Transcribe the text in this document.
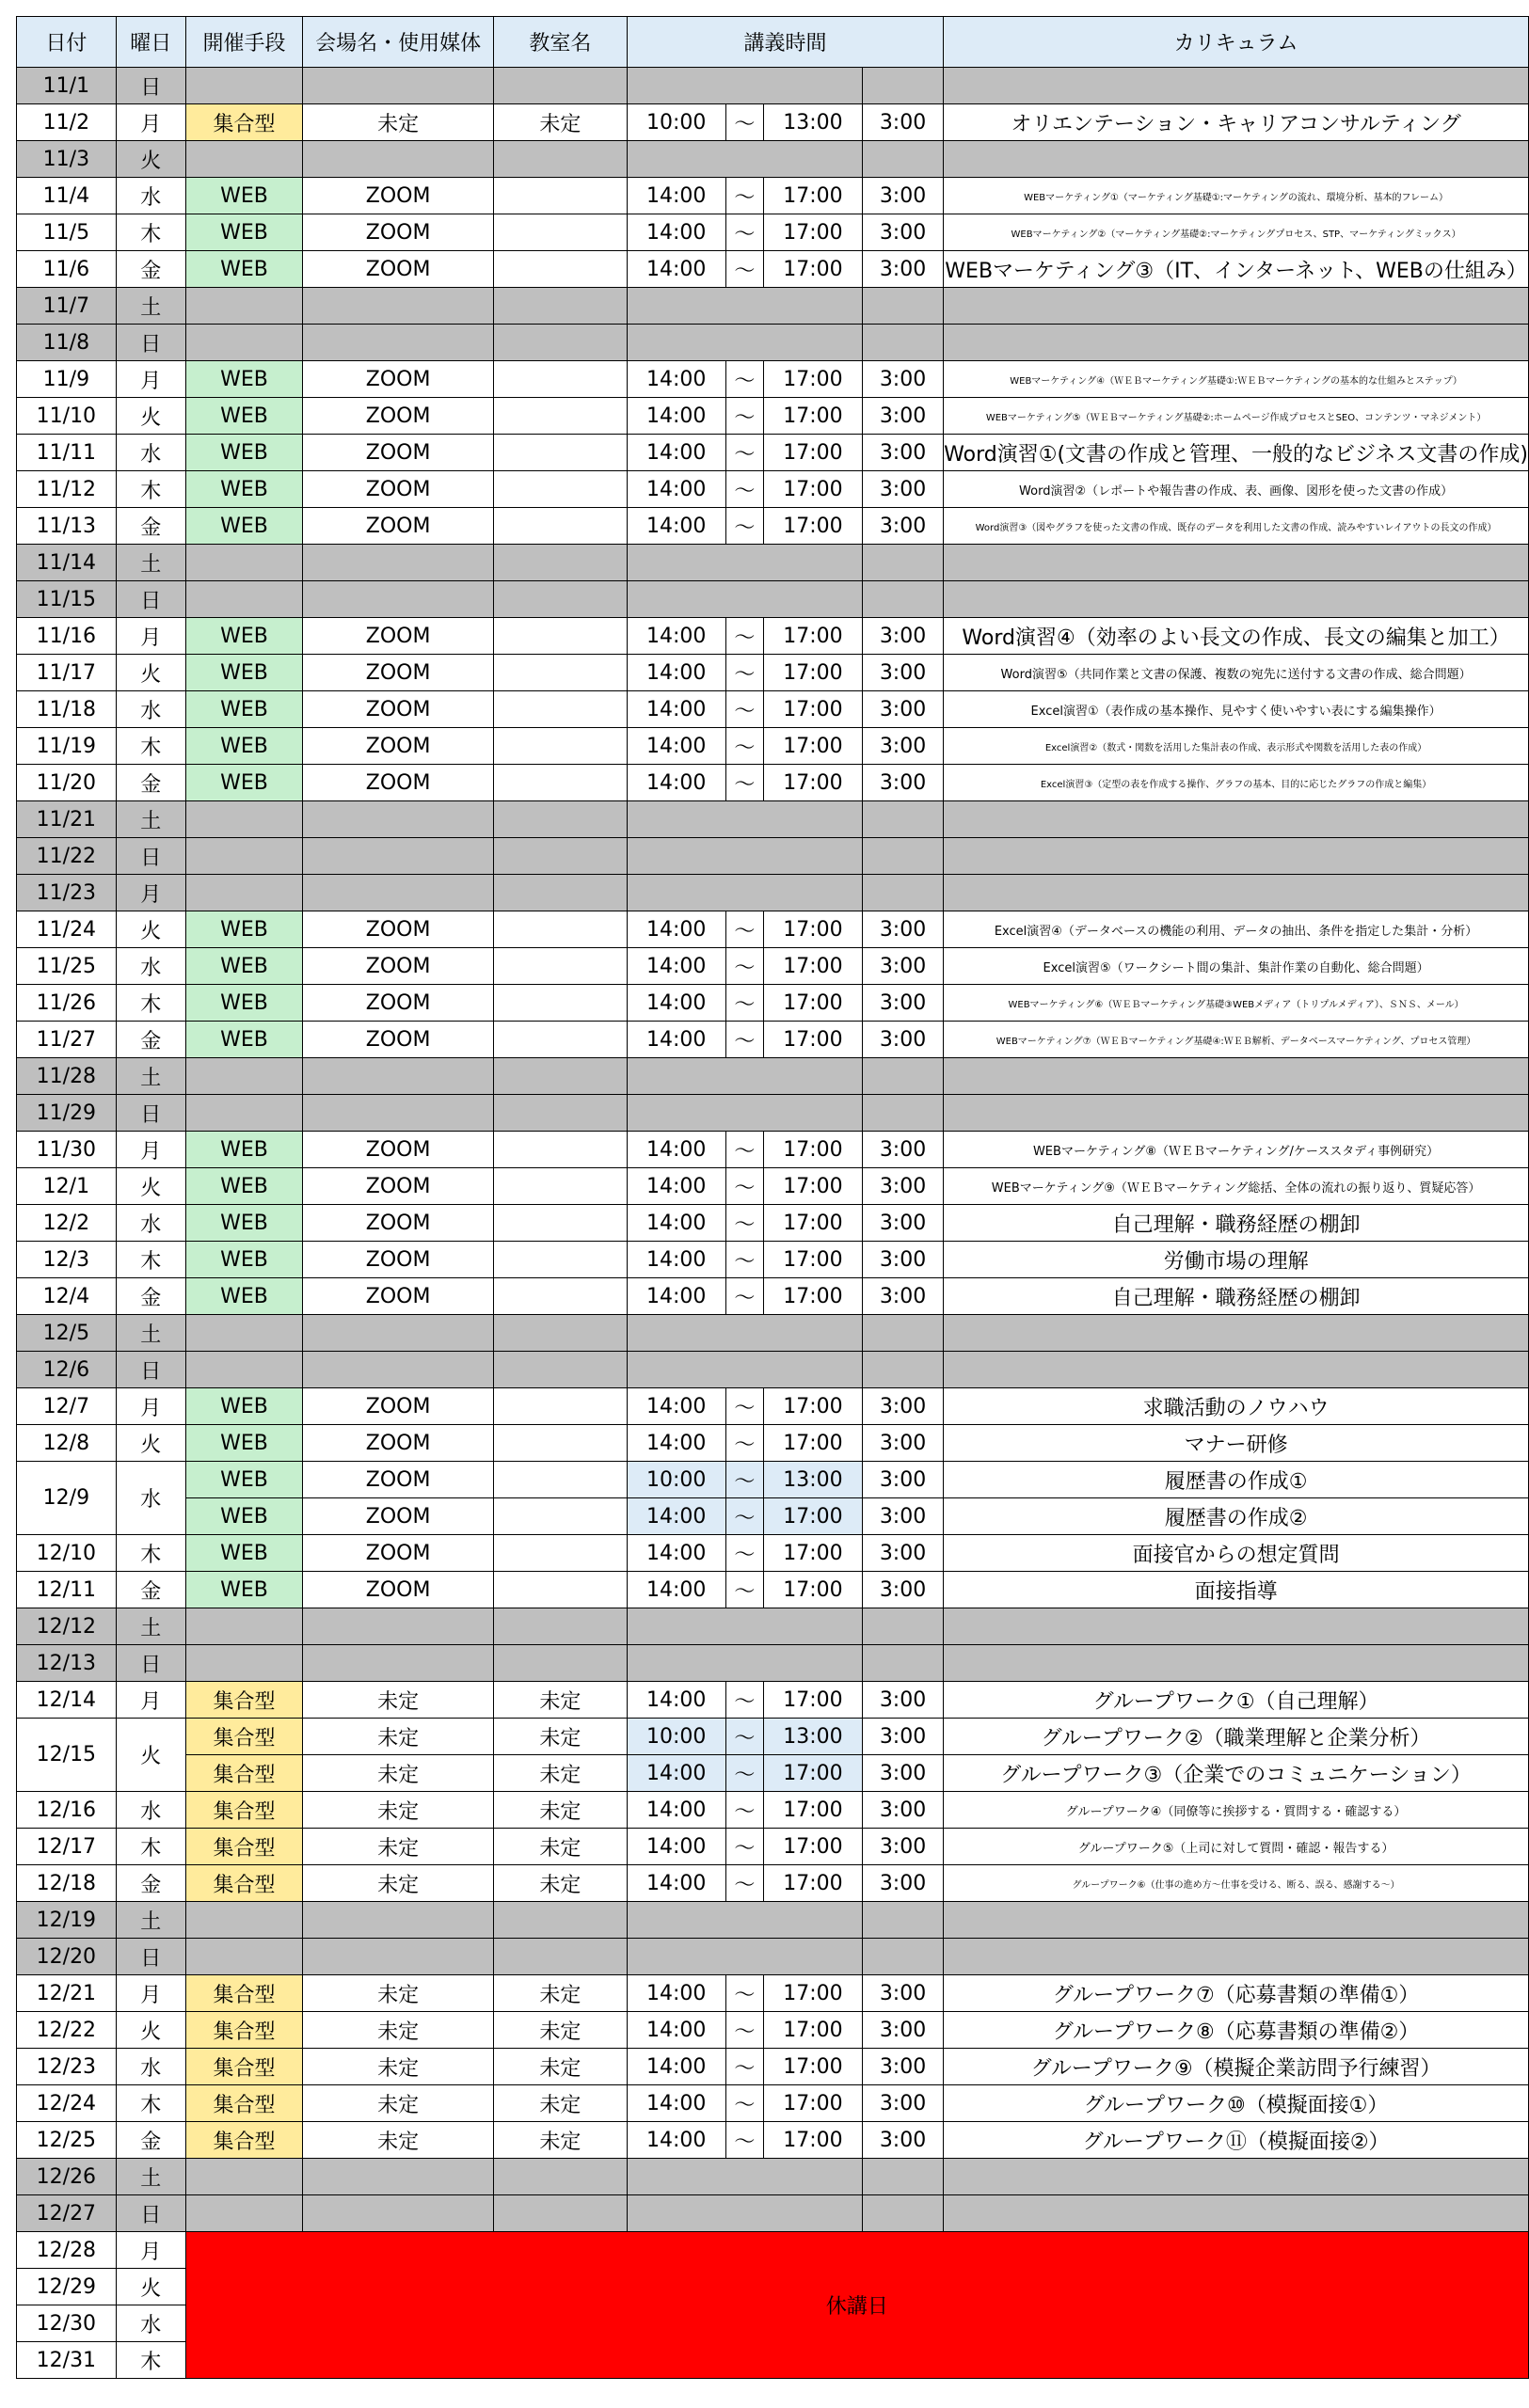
日付	曜日	開催手段	会場名・使用媒体	教室名	講義時間				カリキュラム
11/1	日								
11/2	月	集合型	未定	未定	10:00	〜	13:00	3:00	オリエンテーション・キャリアコンサルティング
11/3	火								
11/4	水	WEB	ZOOM		14:00	〜	17:00	3:00	WEBマーケティング①（マーケティング基礎①:マーケティングの流れ、環境分析、基本的フレーム）
11/5	木	WEB	ZOOM		14:00	〜	17:00	3:00	WEBマーケティング②（マーケティング基礎②:マーケティングプロセス、STP、マーケティングミックス）
11/6	金	WEB	ZOOM		14:00	〜	17:00	3:00	WEBマーケティング③（IT、インターネット、WEBの仕組み）
11/7	土								
11/8	日								
11/9	月	WEB	ZOOM		14:00	〜	17:00	3:00	WEBマーケティング④（ＷＥＢマーケティング基礎①:ＷＥＢマーケティングの基本的な仕組みとステップ）
11/10	火	WEB	ZOOM		14:00	〜	17:00	3:00	WEBマーケティング⑤（ＷＥＢマーケティング基礎②:ホームページ作成プロセスとSEO、コンテンツ・マネジメント）
11/11	水	WEB	ZOOM		14:00	〜	17:00	3:00	Word演習①(文書の作成と管理、一般的なビジネス文書の作成)
11/12	木	WEB	ZOOM		14:00	〜	17:00	3:00	Word演習②（レポートや報告書の作成、表、画像、図形を使った文書の作成）
11/13	金	WEB	ZOOM		14:00	〜	17:00	3:00	Word演習③（図やグラフを使った文書の作成、既存のデータを利用した文書の作成、読みやすいレイアウトの長文の作成）
11/14	土								
11/15	日								
11/16	月	WEB	ZOOM		14:00	〜	17:00	3:00	Word演習④（効率のよい長文の作成、長文の編集と加工）
11/17	火	WEB	ZOOM		14:00	〜	17:00	3:00	Word演習⑤（共同作業と文書の保護、複数の宛先に送付する文書の作成、総合問題）
11/18	水	WEB	ZOOM		14:00	〜	17:00	3:00	Excel演習①（表作成の基本操作、見やすく使いやすい表にする編集操作）
11/19	木	WEB	ZOOM		14:00	〜	17:00	3:00	Excel演習②（数式・関数を活用した集計表の作成、表示形式や関数を活用した表の作成）
11/20	金	WEB	ZOOM		14:00	〜	17:00	3:00	Excel演習③（定型の表を作成する操作、グラフの基本、目的に応じたグラフの作成と編集）
11/21	土								
11/22	日								
11/23	月								
11/24	火	WEB	ZOOM		14:00	〜	17:00	3:00	Excel演習④（データベースの機能の利用、データの抽出、条件を指定した集計・分析）
11/25	水	WEB	ZOOM		14:00	〜	17:00	3:00	Excel演習⑤（ワークシート間の集計、集計作業の自動化、総合問題）
11/26	木	WEB	ZOOM		14:00	〜	17:00	3:00	WEBマーケティング⑥（ＷＥＢマーケティング基礎③WEBメディア（トリプルメディア）、ＳＮＳ、メール）
11/27	金	WEB	ZOOM		14:00	〜	17:00	3:00	WEBマーケティング⑦（ＷＥＢマーケティング基礎④:ＷＥＢ解析、データベースマーケティング、プロセス管理）
11/28	土								
11/29	日								
11/30	月	WEB	ZOOM		14:00	〜	17:00	3:00	WEBマーケティング⑧（ＷＥＢマーケティング/ケーススタディ事例研究）
12/1	火	WEB	ZOOM		14:00	〜	17:00	3:00	WEBマーケティング⑨（ＷＥＢマーケティング総括、全体の流れの振り返り、質疑応答）
12/2	水	WEB	ZOOM		14:00	〜	17:00	3:00	自己理解・職務経歴の棚卸
12/3	木	WEB	ZOOM		14:00	〜	17:00	3:00	労働市場の理解
12/4	金	WEB	ZOOM		14:00	〜	17:00	3:00	自己理解・職務経歴の棚卸
12/5	土								
12/6	日								
12/7	月	WEB	ZOOM		14:00	〜	17:00	3:00	求職活動のノウハウ
12/8	火	WEB	ZOOM		14:00	〜	17:00	3:00	マナー研修
12/9	水	WEB	ZOOM		10:00	〜	13:00	3:00	履歴書の作成①
		WEB	ZOOM		14:00	〜	17:00	3:00	履歴書の作成②
12/10	木	WEB	ZOOM		14:00	〜	17:00	3:00	面接官からの想定質問
12/11	金	WEB	ZOOM		14:00	〜	17:00	3:00	面接指導
12/12	土								
12/13	日								
12/14	月	集合型	未定	未定	14:00	〜	17:00	3:00	グループワーク①（自己理解）
12/15	火	集合型	未定	未定	10:00	〜	13:00	3:00	グループワーク②（職業理解と企業分析）
		集合型	未定	未定	14:00	〜	17:00	3:00	グループワーク③（企業でのコミュニケーション）
12/16	水	集合型	未定	未定	14:00	〜	17:00	3:00	グループワーク④（同僚等に挨拶する・質問する・確認する）
12/17	木	集合型	未定	未定	14:00	〜	17:00	3:00	グループワーク⑤（上司に対して質問・確認・報告する）
12/18	金	集合型	未定	未定	14:00	〜	17:00	3:00	グループワーク⑥（仕事の進め方〜仕事を受ける、断る、誤る、感謝する〜）
12/19	土								
12/20	日								
12/21	月	集合型	未定	未定	14:00	〜	17:00	3:00	グループワーク⑦（応募書類の準備①）
12/22	火	集合型	未定	未定	14:00	〜	17:00	3:00	グループワーク⑧（応募書類の準備②）
12/23	水	集合型	未定	未定	14:00	〜	17:00	3:00	グループワーク⑨（模擬企業訪問予行練習）
12/24	木	集合型	未定	未定	14:00	〜	17:00	3:00	グループワーク⑩（模擬面接①）
12/25	金	集合型	未定	未定	14:00	〜	17:00	3:00	グループワーク⑪（模擬面接②）
12/26	土								
12/27	日								
12/28	月	休講日							
12/29	火								
12/30	水								
12/31	木								
